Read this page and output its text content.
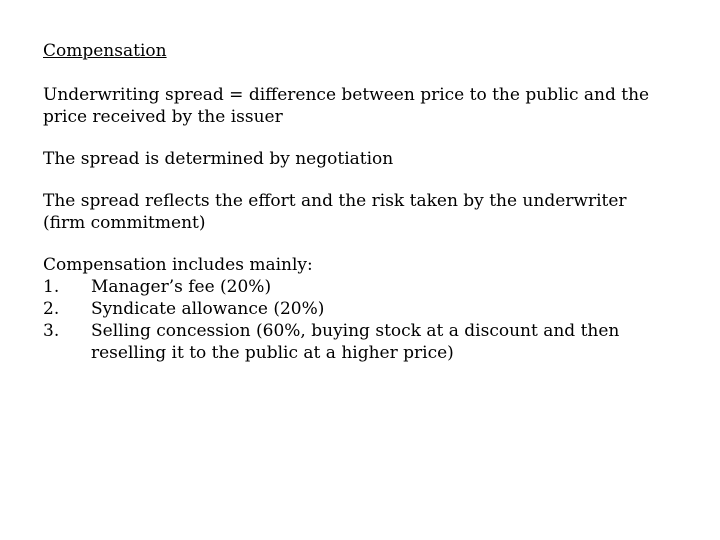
Compensation
Underwriting spread = difference between price to the public and the
price received by the issuer
The spread is determined by negotiation
The spread reflects the effort and the risk taken by the underwriter
(firm commitment)
Compensation includes mainly:
1.	Manager’s fee (20%)
2.	Syndicate allowance (20%)
3.	Selling concession (60%, buying stock at a discount and then
reselling it to the public at a higher price)
